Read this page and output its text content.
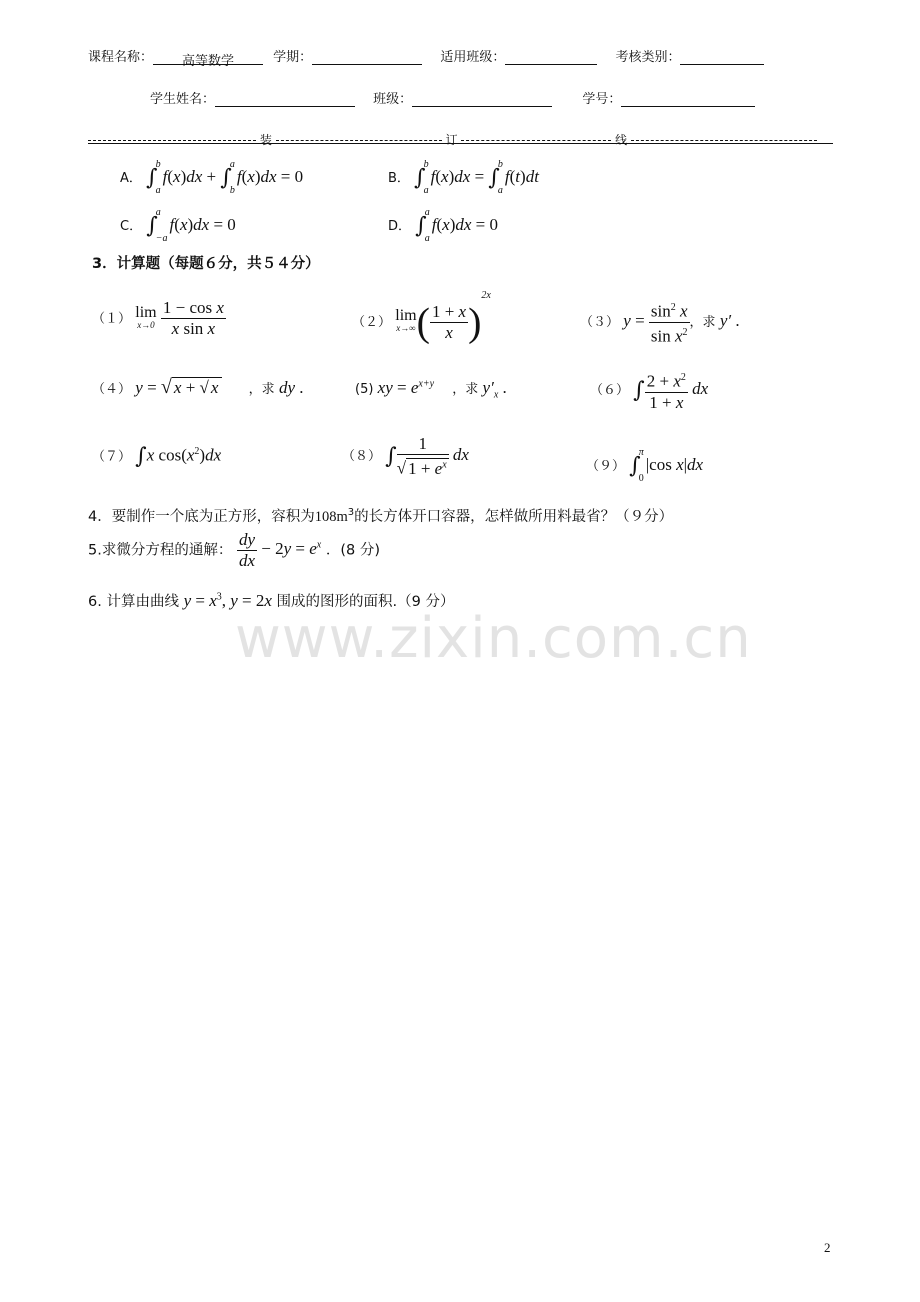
课程名称： 高等数学	学期：	适用班级：	考核类别：
学生姓名：	班级：	学号：
装	订	线
A． ∫
b
a
f(x)dx + ∫
a
b
f(x)dx = 0	B． ∫
b
a
f(x)dx = ∫
b
a
f(t)dt
C． ∫
a
−a
f(x)dx = 0	D． ∫
a
a
f(x)dx = 0
3．计算题（每题６分，共５４分）
（１） lim
x→0
$\frac{\text{1 − cos x}}{\text{x sin x}}$	（２） lim
x→∞ ( $\frac{1 + x}{x} )^{2x}$
（３） $y = \frac{\sin^2 x}{\sin x^2}$ ，求 y′ .
（４） y = √ x + √ x ，求 dy .	(5) xy = $e^{x+y}$ ，求 $y'_x$ .	（６） ∫ $\frac{2 + x^2}{1 + x}$ dx
（７） ∫x $\cos(x^2)dx$	（８） ∫ $\frac{1}{√ 1 + e^x}$ dx
（９） ∫
π
0
|cos x|dx
4．要制作一个底为正方形，容积为$108m^3$的长方体开口容器，怎样做所用料最省？（９分）
5.求微分方程的通解： $\frac{dy}{dx} - 2y = e^x$ ．(8 分)
6. 计算由曲线 $y = x^3$, y = 2x 围成的图形的面积.（9 分）
www.zixin.com.cn
2
